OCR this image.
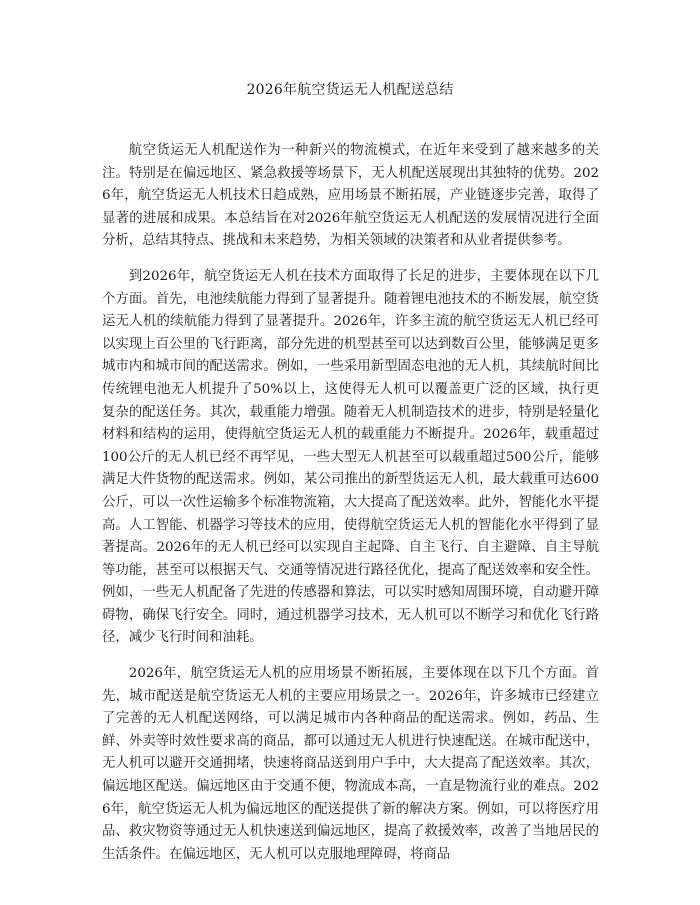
2026年航空货运无人机配送总结

航空货运无人机配送作为一种新兴的物流模式，在近年来受到了越来越多的关注。特别是在偏远地区、紧急救援等场景下，无人机配送展现出其独特的优势。2026年，航空货运无人机技术日趋成熟，应用场景不断拓展，产业链逐步完善，取得了显著的进展和成果。本总结旨在对2026年航空货运无人机配送的发展情况进行全面分析，总结其特点、挑战和未来趋势，为相关领域的决策者和从业者提供参考。

到2026年，航空货运无人机在技术方面取得了长足的进步，主要体现在以下几个方面。首先，电池续航能力得到了显著提升。随着锂电池技术的不断发展，航空货运无人机的续航能力得到了显著提升。2026年，许多主流的航空货运无人机已经可以实现上百公里的飞行距离，部分先进的机型甚至可以达到数百公里，能够满足更多城市内和城市间的配送需求。例如，一些采用新型固态电池的无人机，其续航时间比传统锂电池无人机提升了50%以上，这使得无人机可以覆盖更广泛的区域，执行更复杂的配送任务。其次，载重能力增强。随着无人机制造技术的进步，特别是轻量化材料和结构的运用，使得航空货运无人机的载重能力不断提升。2026年，载重超过100公斤的无人机已经不再罕见，一些大型无人机甚至可以载重超过500公斤，能够满足大件货物的配送需求。例如，某公司推出的新型货运无人机，最大载重可达600公斤，可以一次性运输多个标准物流箱，大大提高了配送效率。此外，智能化水平提高。人工智能、机器学习等技术的应用，使得航空货运无人机的智能化水平得到了显著提高。2026年的无人机已经可以实现自主起降、自主飞行、自主避障、自主导航等功能，甚至可以根据天气、交通等情况进行路径优化，提高了配送效率和安全性。例如，一些无人机配备了先进的传感器和算法，可以实时感知周围环境，自动避开障碍物，确保飞行安全。同时，通过机器学习技术，无人机可以不断学习和优化飞行路径，减少飞行时间和油耗。

2026年，航空货运无人机的应用场景不断拓展，主要体现在以下几个方面。首先，城市配送是航空货运无人机的主要应用场景之一。2026年，许多城市已经建立了完善的无人机配送网络，可以满足城市内各种商品的配送需求。例如，药品、生鲜、外卖等时效性要求高的商品，都可以通过无人机进行快速配送。在城市配送中，无人机可以避开交通拥堵，快速将商品送到用户手中，大大提高了配送效率。其次，偏远地区配送。偏远地区由于交通不便，物流成本高，一直是物流行业的难点。2026年，航空货运无人机为偏远地区的配送提供了新的解决方案。例如，可以将医疗用品、救灾物资等通过无人机快速送到偏远地区，提高了救援效率，改善了当地居民的生活条件。在偏远地区，无人机可以克服地理障碍，将商品
